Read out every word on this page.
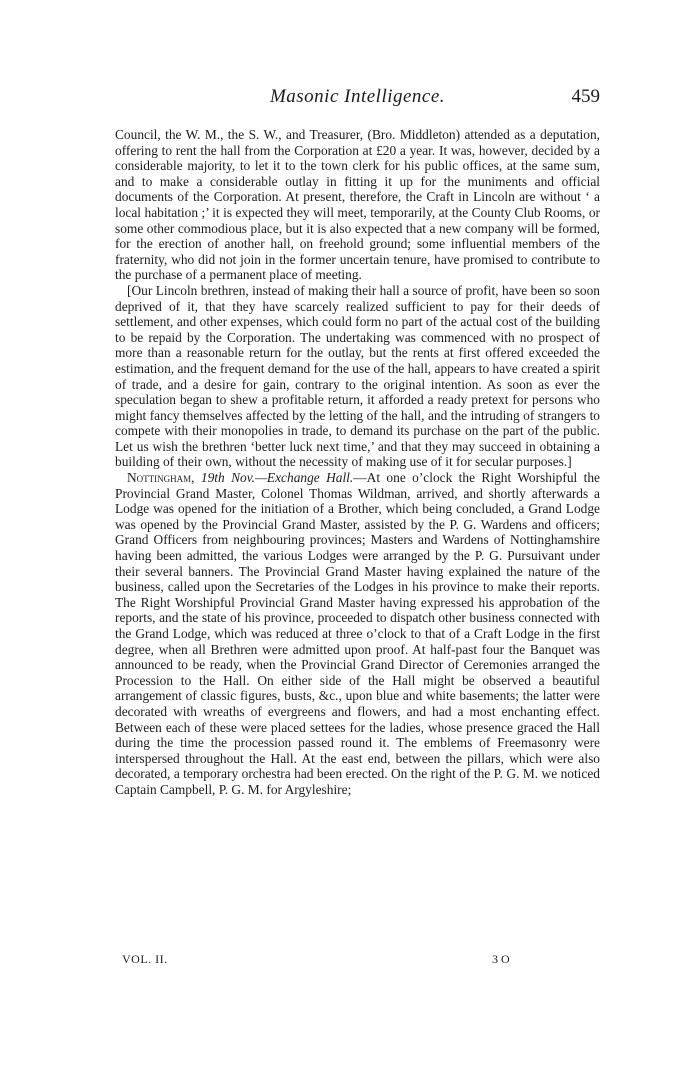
Masonic Intelligence.	459

Council, the W. M., the S. W., and Treasurer, (Bro. Middleton) attended as a deputation, offering to rent the hall from the Corporation at £20 a year. It was, however, decided by a considerable majority, to let it to the town clerk for his public offices, at the same sum, and to make a considerable outlay in fitting it up for the muniments and official documents of the Corporation. At present, therefore, the Craft in Lincoln are without ‘ a local habitation ;’ it is expected they will meet, temporarily, at the County Club Rooms, or some other commodious place, but it is also expected that a new company will be formed, for the erection of another hall, on freehold ground; some influential members of the fraternity, who did not join in the former uncertain tenure, have promised to contribute to the purchase of a permanent place of meeting.

[Our Lincoln brethren, instead of making their hall a source of profit, have been so soon deprived of it, that they have scarcely realized sufficient to pay for their deeds of settlement, and other expenses, which could form no part of the actual cost of the building to be repaid by the Corporation. The undertaking was commenced with no prospect of more than a reasonable return for the outlay, but the rents at first offered exceeded the estimation, and the frequent demand for the use of the hall, appears to have created a spirit of trade, and a desire for gain, contrary to the original intention. As soon as ever the speculation began to shew a profitable return, it afforded a ready pretext for persons who might fancy themselves affected by the letting of the hall, and the intruding of strangers to compete with their monopolies in trade, to demand its purchase on the part of the public. Let us wish the brethren ‘better luck next time,’ and that they may succeed in obtaining a building of their own, without the necessity of making use of it for secular purposes.]

Nottingham, 19th Nov.—Exchange Hall.—At one o’clock the Right Worshipful the Provincial Grand Master, Colonel Thomas Wildman, arrived, and shortly afterwards a Lodge was opened for the initiation of a Brother, which being concluded, a Grand Lodge was opened by the Provincial Grand Master, assisted by the P. G. Wardens and officers; Grand Officers from neighbouring provinces; Masters and Wardens of Nottinghamshire having been admitted, the various Lodges were arranged by the P. G. Pursuivant under their several banners. The Provincial Grand Master having explained the nature of the business, called upon the Secretaries of the Lodges in his province to make their reports. The Right Worshipful Provincial Grand Master having expressed his approbation of the reports, and the state of his province, proceeded to dispatch other business connected with the Grand Lodge, which was reduced at three o’clock to that of a Craft Lodge in the first degree, when all Brethren were admitted upon proof. At half-past four the Banquet was announced to be ready, when the Provincial Grand Director of Ceremonies arranged the Procession to the Hall. On either side of the Hall might be observed a beautiful arrangement of classic figures, busts, &c., upon blue and white basements; the latter were decorated with wreaths of evergreens and flowers, and had a most enchanting effect. Between each of these were placed settees for the ladies, whose presence graced the Hall during the time the procession passed round it. The emblems of Freemasonry were interspersed throughout the Hall. At the east end, between the pillars, which were also decorated, a temporary orchestra had been erected. On the right of the P. G. M. we noticed Captain Campbell, P. G. M. for Argyleshire;

VOL. II.	3 O
